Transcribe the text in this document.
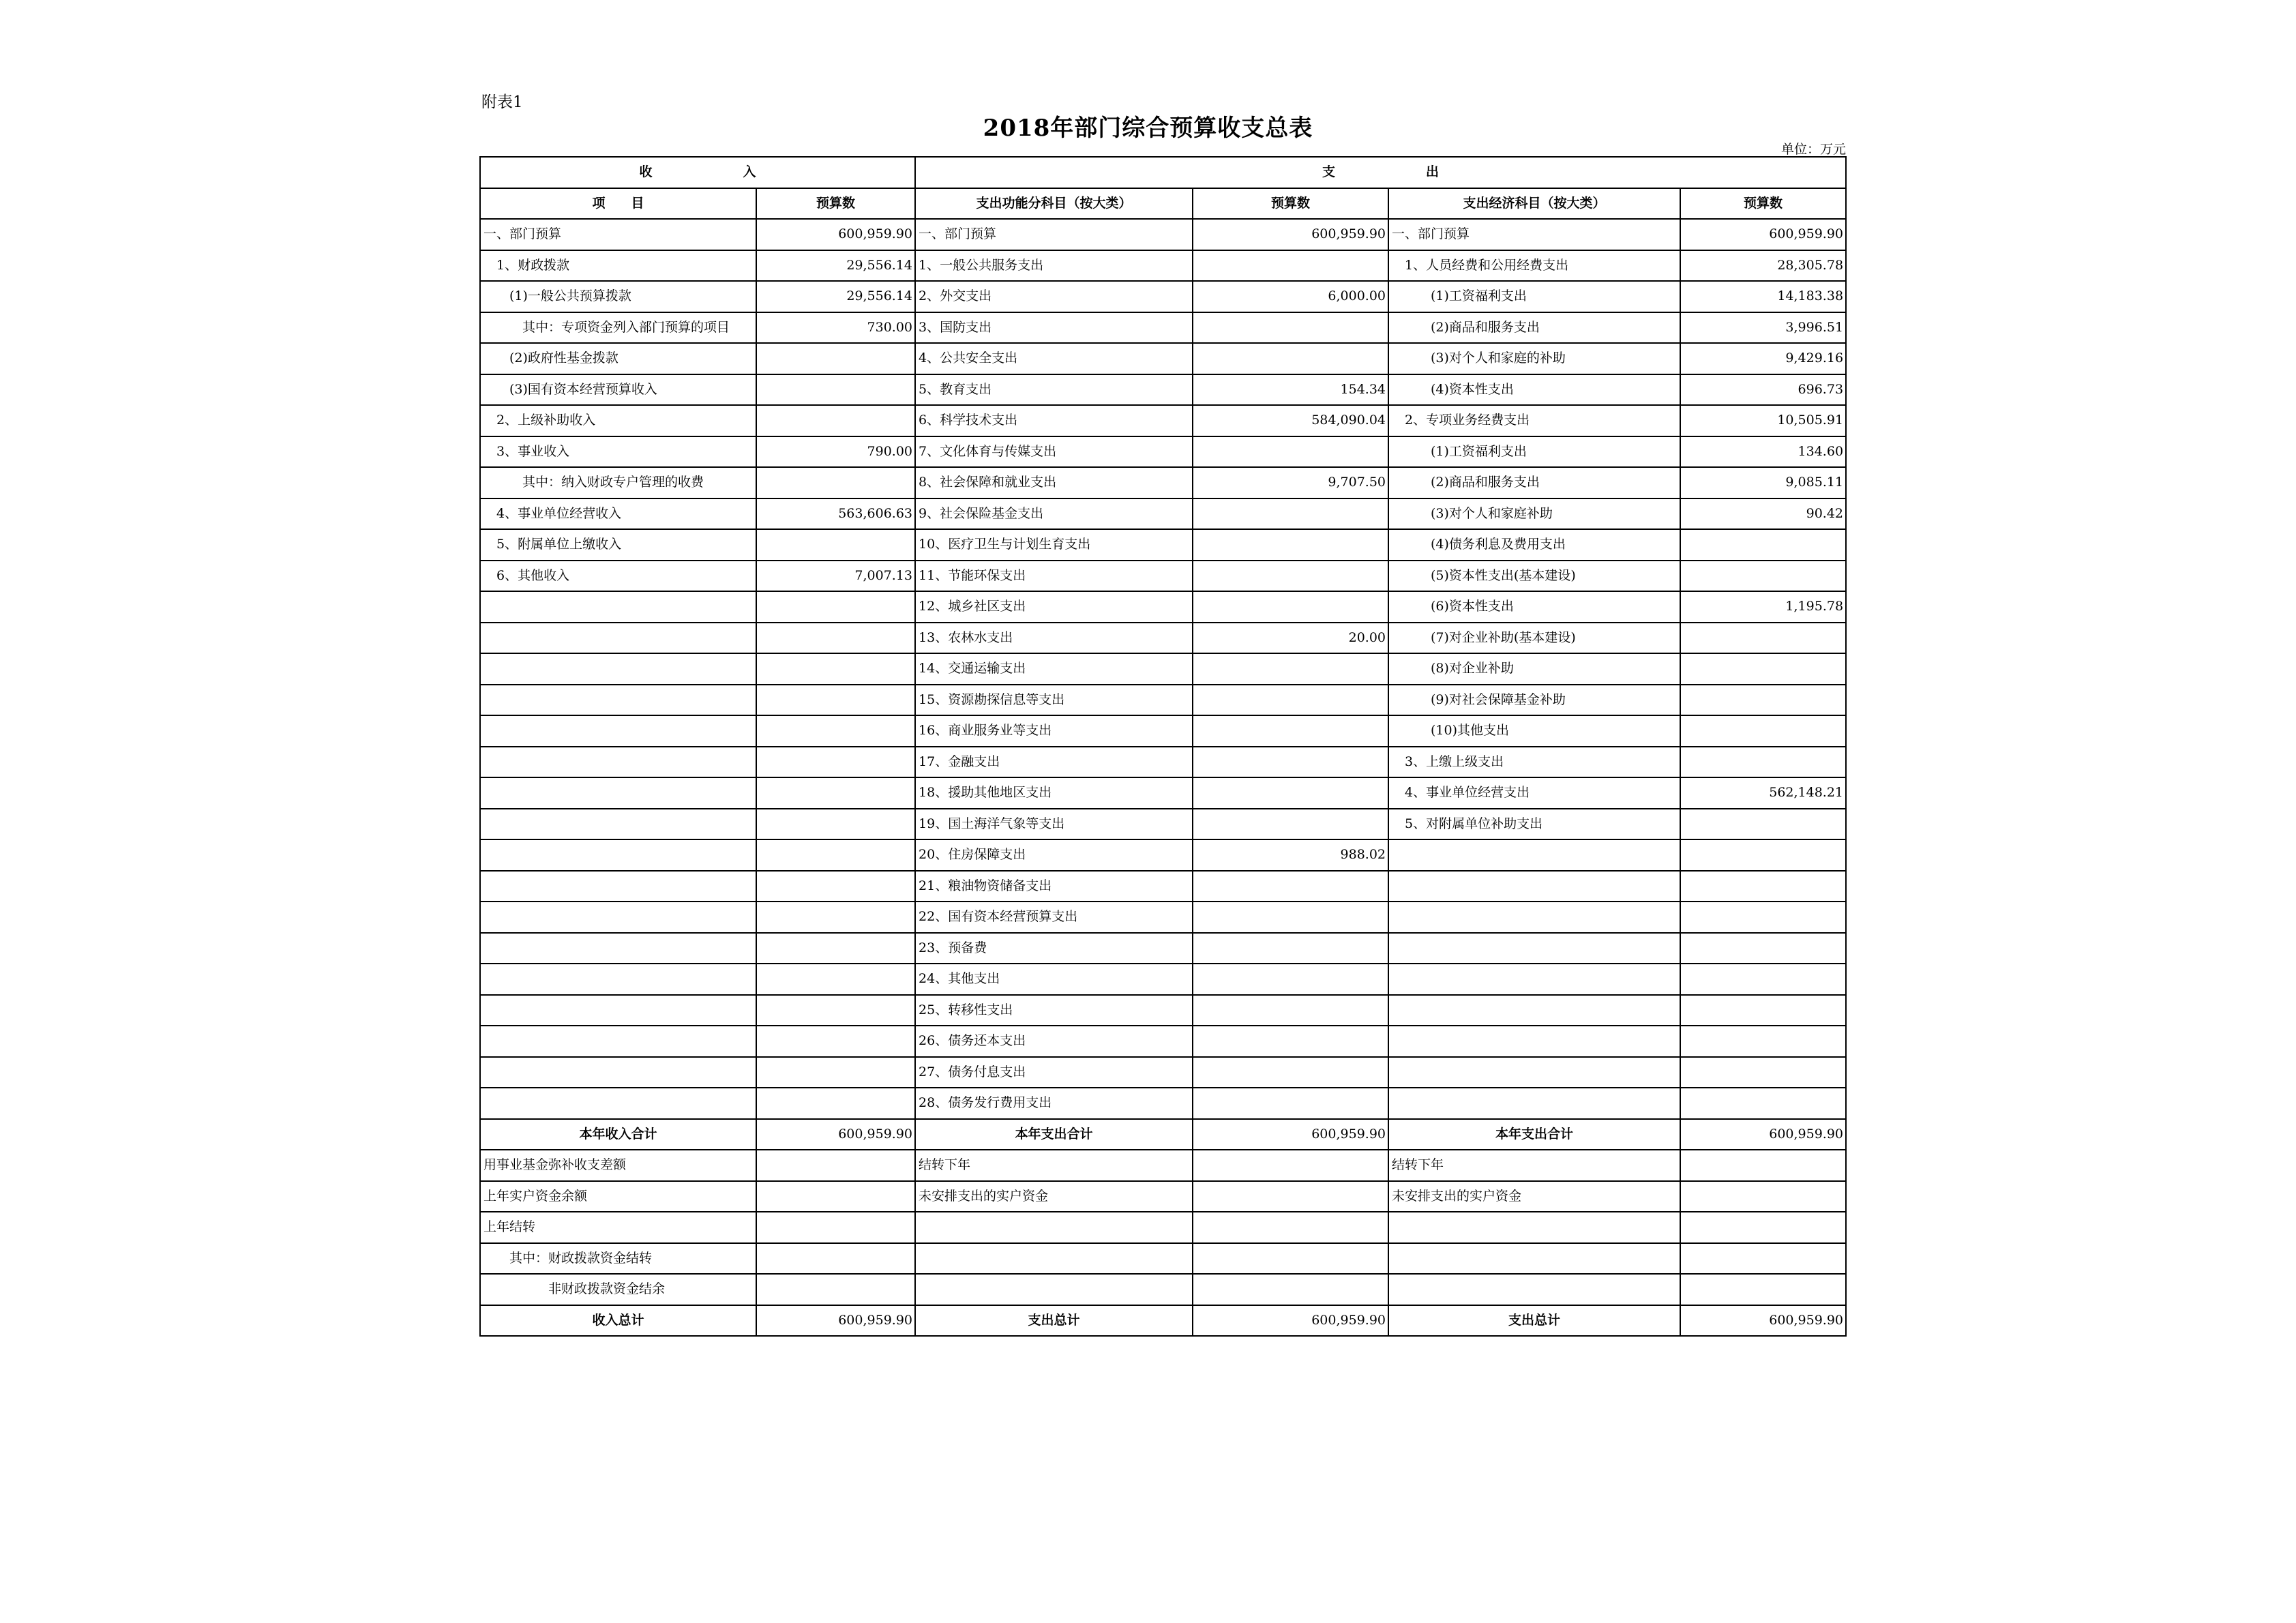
附表1
2018年部门综合预算收支总表
单位：万元
收　　　　　　　入		支　　　　　　　出			
项　　目	预算数	支出功能分科目（按大类）	预算数	支出经济科目（按大类）	预算数
一、部门预算	600,959.90	一、部门预算	600,959.90	一、部门预算	600,959.90
　1、财政拨款	29,556.14	1、一般公共服务支出		　1、人员经费和公用经费支出	28,305.78
　　(1)一般公共预算拨款	29,556.14	2、外交支出	6,000.00	　　　(1)工资福利支出	14,183.38
　　　其中：专项资金列入部门预算的项目	730.00	3、国防支出		　　　(2)商品和服务支出	3,996.51
　　(2)政府性基金拨款		4、公共安全支出		　　　(3)对个人和家庭的补助	9,429.16
　　(3)国有资本经营预算收入		5、教育支出	154.34	　　　(4)资本性支出	696.73
　2、上级补助收入		6、科学技术支出	584,090.04	　2、专项业务经费支出	10,505.91
　3、事业收入	790.00	7、文化体育与传媒支出		　　　(1)工资福利支出	134.60
　　　其中：纳入财政专户管理的收费		8、社会保障和就业支出	9,707.50	　　　(2)商品和服务支出	9,085.11
　4、事业单位经营收入	563,606.63	9、社会保险基金支出		　　　(3)对个人和家庭补助	90.42
　5、附属单位上缴收入		10、医疗卫生与计划生育支出		　　　(4)债务利息及费用支出	
　6、其他收入	7,007.13	11、节能环保支出		　　　(5)资本性支出(基本建设)	
		12、城乡社区支出		　　　(6)资本性支出	1,195.78
		13、农林水支出	20.00	　　　(7)对企业补助(基本建设)	
		14、交通运输支出		　　　(8)对企业补助	
		15、资源勘探信息等支出		　　　(9)对社会保障基金补助	
		16、商业服务业等支出		　　　(10)其他支出	
		17、金融支出		　3、上缴上级支出	
		18、援助其他地区支出		　4、事业单位经营支出	562,148.21
		19、国土海洋气象等支出		　5、对附属单位补助支出	
		20、住房保障支出	988.02		
		21、粮油物资储备支出			
		22、国有资本经营预算支出			
		23、预备费			
		24、其他支出			
		25、转移性支出			
		26、债务还本支出			
		27、债务付息支出			
		28、债务发行费用支出			
本年收入合计	600,959.90	本年支出合计	600,959.90	本年支出合计	600,959.90
用事业基金弥补收支差额		结转下年		结转下年	
上年实户资金余额		未安排支出的实户资金		未安排支出的实户资金	
上年结转					
　　其中：财政拨款资金结转					
　　　　　非财政拨款资金结余					
收入总计	600,959.90	支出总计	600,959.90	支出总计	600,959.90
